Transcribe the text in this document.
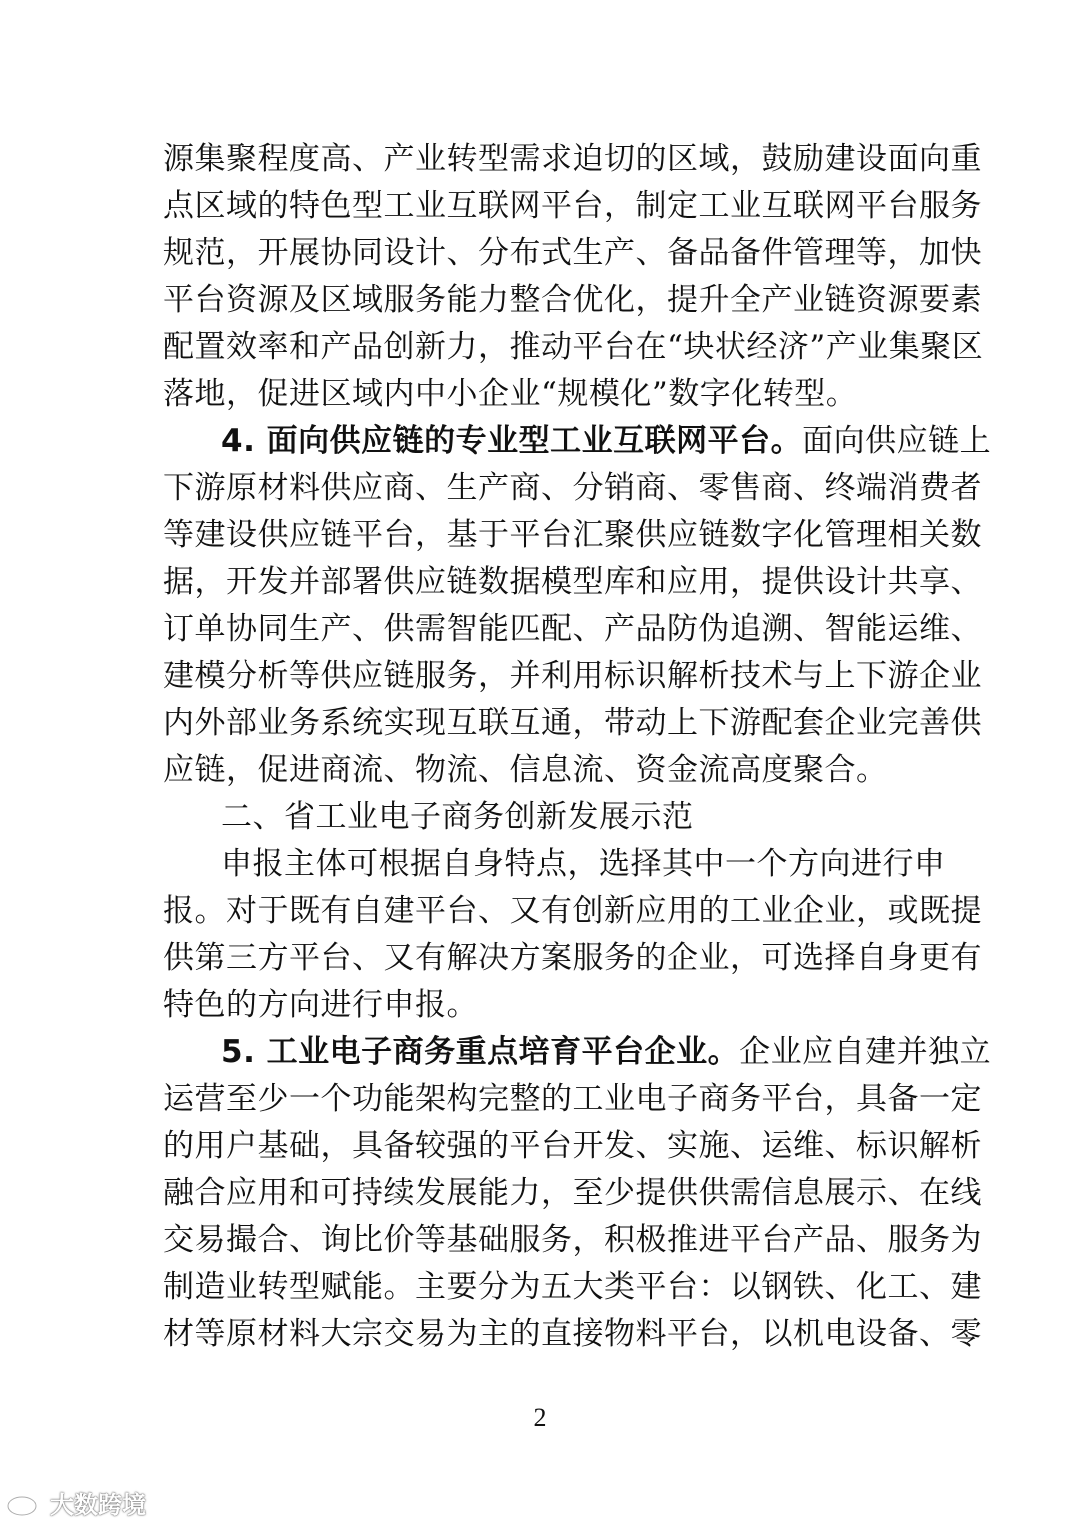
源集聚程度高、产业转型需求迫切的区域，鼓励建设面向重
点区域的特色型工业互联网平台，制定工业互联网平台服务
规范，开展协同设计、分布式生产、备品备件管理等，加快
平台资源及区域服务能力整合优化，提升全产业链资源要素
配置效率和产品创新力，推动平台在“块状经济”产业集聚区
落地，促进区域内中小企业“规模化”数字化转型。
4. 面向供应链的专业型工业互联网平台。面向供应链上
下游原材料供应商、生产商、分销商、零售商、终端消费者
等建设供应链平台，基于平台汇聚供应链数字化管理相关数
据，开发并部署供应链数据模型库和应用，提供设计共享、
订单协同生产、供需智能匹配、产品防伪追溯、智能运维、
建模分析等供应链服务，并利用标识解析技术与上下游企业
内外部业务系统实现互联互通，带动上下游配套企业完善供
应链，促进商流、物流、信息流、资金流高度聚合。
二、省工业电子商务创新发展示范
申报主体可根据自身特点，选择其中一个方向进行申
报。对于既有自建平台、又有创新应用的工业企业，或既提
供第三方平台、又有解决方案服务的企业，可选择自身更有
特色的方向进行申报。
5. 工业电子商务重点培育平台企业。企业应自建并独立
运营至少一个功能架构完整的工业电子商务平台，具备一定
的用户基础，具备较强的平台开发、实施、运维、标识解析
融合应用和可持续发展能力，至少提供供需信息展示、在线
交易撮合、询比价等基础服务，积极推进平台产品、服务为
制造业转型赋能。主要分为五大类平台：以钢铁、化工、建
材等原材料大宗交易为主的直接物料平台，以机电设备、零
2
大数跨境
